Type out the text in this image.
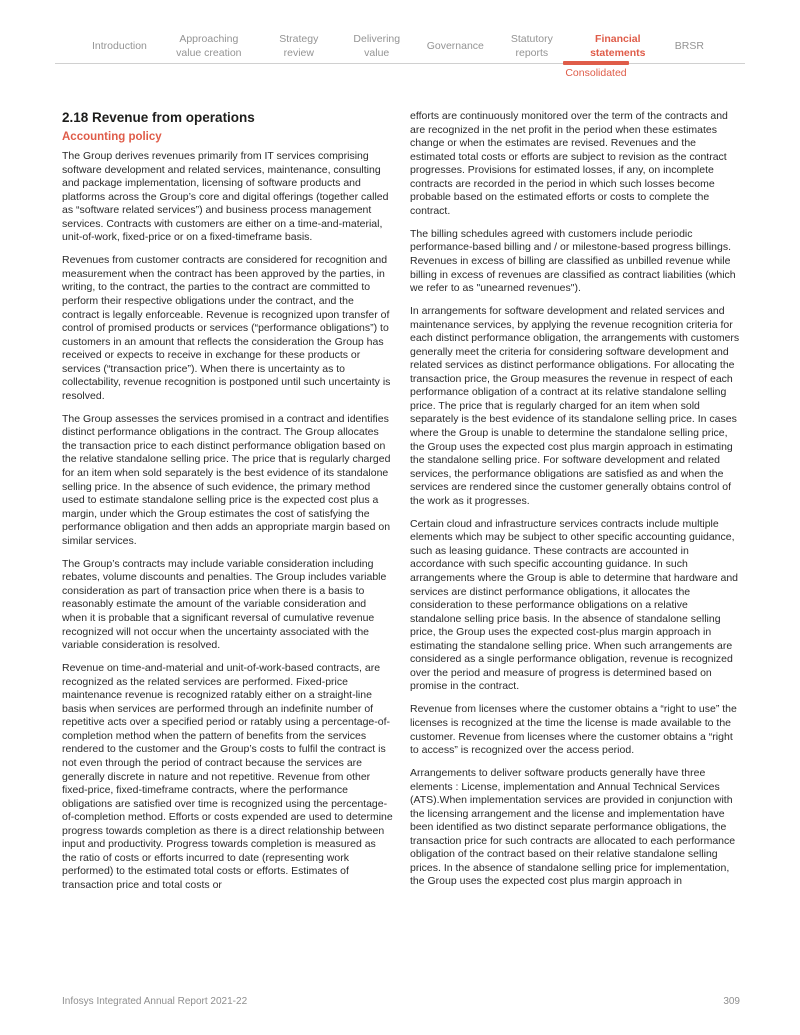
Introduction
Approaching value creation
Strategy review
Delivering value
Governance
Statutory reports
Financial statements
BRSR
Consolidated
2.18 Revenue from operations
Accounting policy

The Group derives revenues primarily from IT services comprising software development and related services, maintenance, consulting and package implementation, licensing of software products and platforms across the Group’s core and digital offerings (together called as “software related services”) and business process management services. Contracts with customers are either on a time-and-material, unit-of-work, fixed-price or on a fixed-timeframe basis.

Revenues from customer contracts are considered for recognition and measurement when the contract has been approved by the parties, in writing, to the contract, the parties to the contract are committed to perform their respective obligations under the contract, and the contract is legally enforceable. Revenue is recognized upon transfer of control of promised products or services (“performance obligations”) to customers in an amount that reflects the consideration the Group has received or expects to receive in exchange for these products or services (“transaction price”). When there is uncertainty as to collectability, revenue recognition is postponed until such uncertainty is resolved.

The Group assesses the services promised in a contract and identifies distinct performance obligations in the contract. The Group allocates the transaction price to each distinct performance obligation based on the relative standalone selling price. The price that is regularly charged for an item when sold separately is the best evidence of its standalone selling price. In the absence of such evidence, the primary method used to estimate standalone selling price is the expected cost plus a margin, under which the Group estimates the cost of satisfying the performance obligation and then adds an appropriate margin based on similar services.

The Group’s contracts may include variable consideration including rebates, volume discounts and penalties. The Group includes variable consideration as part of transaction price when there is a basis to reasonably estimate the amount of the variable consideration and when it is probable that a significant reversal of cumulative revenue recognized will not occur when the uncertainty associated with the variable consideration is resolved.

Revenue on time-and-material and unit-of-work-based contracts, are recognized as the related services are performed. Fixed-price maintenance revenue is recognized ratably either on a straight-line basis when services are performed through an indefinite number of repetitive acts over a specified period or ratably using a percentage-of-completion method when the pattern of benefits from the services rendered to the customer and the Group’s costs to fulfil the contract is not even through the period of contract because the services are generally discrete in nature and not repetitive. Revenue from other fixed-price, fixed-timeframe contracts, where the performance obligations are satisfied over time is recognized using the percentage-of-completion method. Efforts or costs expended are used to determine progress towards completion as there is a direct relationship between input and productivity. Progress towards completion is measured as the ratio of costs or efforts incurred to date (representing work performed) to the estimated total costs or efforts. Estimates of transaction price and total costs or

efforts are continuously monitored over the term of the contracts and are recognized in the net profit in the period when these estimates change or when the estimates are revised. Revenues and the estimated total costs or efforts are subject to revision as the contract progresses. Provisions for estimated losses, if any, on incomplete contracts are recorded in the period in which such losses become probable based on the estimated efforts or costs to complete the contract.

The billing schedules agreed with customers include periodic performance-based billing and / or milestone-based progress billings. Revenues in excess of billing are classified as unbilled revenue while billing in excess of revenues are classified as contract liabilities (which we refer to as "unearned revenues").

In arrangements for software development and related services and maintenance services, by applying the revenue recognition criteria for each distinct performance obligation, the arrangements with customers generally meet the criteria for considering software development and related services as distinct performance obligations. For allocating the transaction price, the Group measures the revenue in respect of each performance obligation of a contract at its relative standalone selling price. The price that is regularly charged for an item when sold separately is the best evidence of its standalone selling price. In cases where the Group is unable to determine the standalone selling price, the Group uses the expected cost plus margin approach in estimating the standalone selling price. For software development and related services, the performance obligations are satisfied as and when the services are rendered since the customer generally obtains control of the work as it progresses.

Certain cloud and infrastructure services contracts include multiple elements which may be subject to other specific accounting guidance, such as leasing guidance. These contracts are accounted in accordance with such specific accounting guidance. In such arrangements where the Group is able to determine that hardware and services are distinct performance obligations, it allocates the consideration to these performance obligations on a relative standalone selling price basis. In the absence of standalone selling price, the Group uses the expected cost-plus margin approach in estimating the standalone selling price. When such arrangements are considered as a single performance obligation, revenue is recognized over the period and measure of progress is determined based on promise in the contract.

Revenue from licenses where the customer obtains a “right to use” the licenses is recognized at the time the license is made available to the customer. Revenue from licenses where the customer obtains a “right to access” is recognized over the access period.

Arrangements to deliver software products generally have three elements : License, implementation and Annual Technical Services (ATS).When implementation services are provided in conjunction with the licensing arrangement and the license and implementation have been identified as two distinct separate performance obligations, the transaction price for such contracts are allocated to each performance obligation of the contract based on their relative standalone selling prices. In the absence of standalone selling price for implementation, the Group uses the expected cost plus margin approach in

Infosys Integrated Annual Report 2021-22	309
